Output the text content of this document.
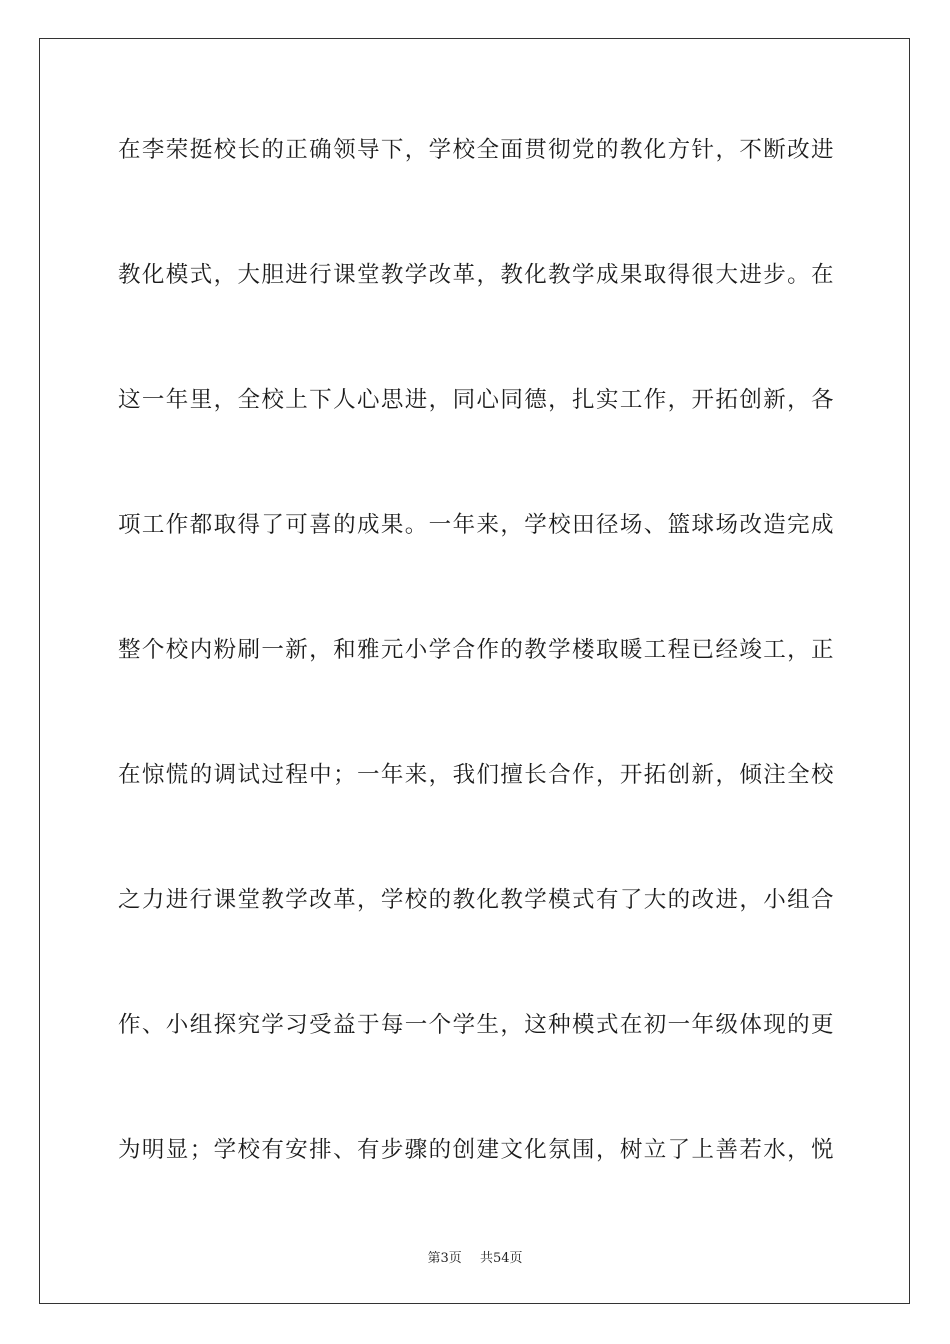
在李荣挺校长的正确领导下，学校全面贯彻党的教化方针，不断改进
教化模式，大胆进行课堂教学改革，教化教学成果取得很大进步。在
这一年里，全校上下人心思进，同心同德，扎实工作，开拓创新，各
项工作都取得了可喜的成果。一年来，学校田径场、篮球场改造完成
整个校内粉刷一新，和雅元小学合作的教学楼取暖工程已经竣工，正
在惊慌的调试过程中；一年来，我们擅长合作，开拓创新，倾注全校
之力进行课堂教学改革，学校的教化教学模式有了大的改进，小组合
作、小组探究学习受益于每一个学生，这种模式在初一年级体现的更
为明显；学校有安排、有步骤的创建文化氛围，树立了上善若水，悦
第3页 共54页
